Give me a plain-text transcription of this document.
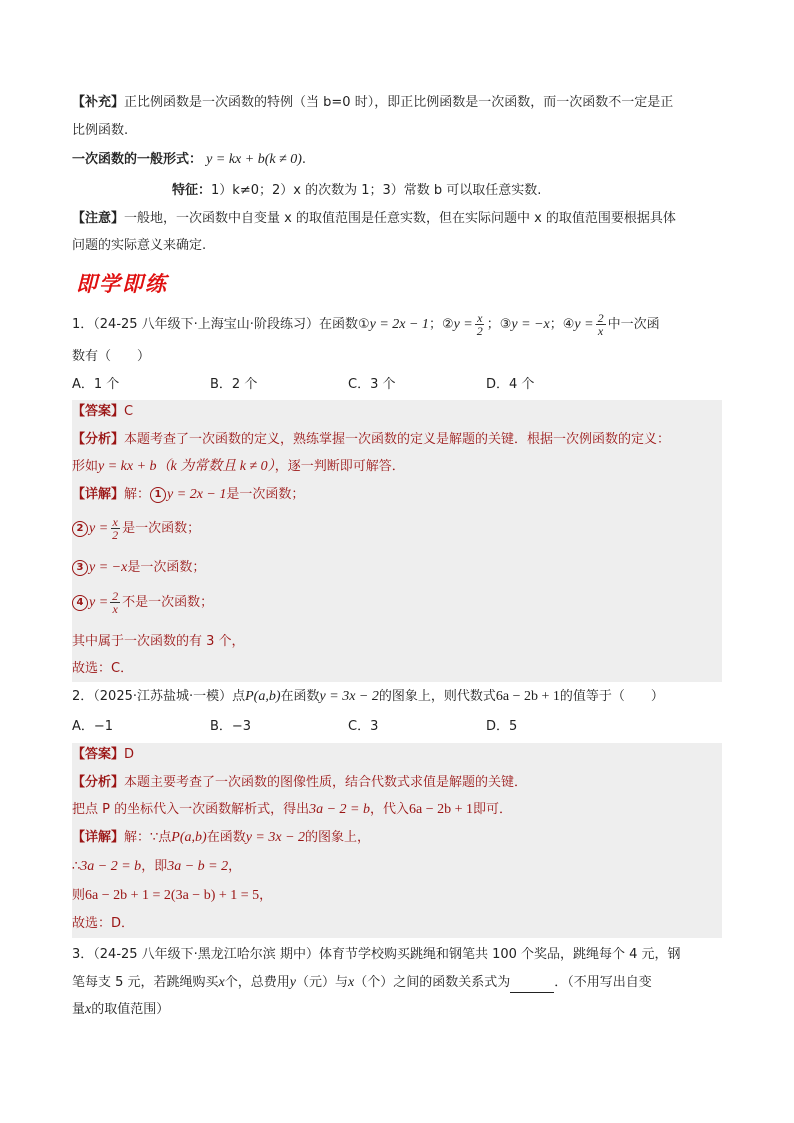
【补充】正比例函数是一次函数的特例（当 b=0 时），即正比例函数是一次函数，而一次函数不一定是正
比例函数.
一次函数的一般形式： y = kx + b(k ≠ 0).
特征：1）k≠0；2）x 的次数为 1；3）常数 b 可以取任意实数.
【注意】一般地，一次函数中自变量 x 的取值范围是任意实数，但在实际问题中 x 的取值范围要根据具体
问题的实际意义来确定.
即学即练
1．（24-25 八年级下·上海宝山·阶段练习）在函数①y = 2x − 1；②y = $\frac{x}{2}$ ；③y = −x；④y = $\frac{2}{x}$ 中一次函
数有（　　）
A．1 个	B．2 个	C．3 个	D．4 个
【答案】C
【分析】本题考查了一次函数的定义，熟练掌握一次函数的定义是解题的关键．根据一次例函数的定义：
形如y = kx + b（k 为常数且 k ≠ 0），逐一判断即可解答．
【详解】解： 1 y = 2x − 1是一次函数；
2 $y = \frac{x}{2}$ 是一次函数；
3 y = −x是一次函数；
4 $y = \frac{2}{x}$ 不是一次函数；
其中属于一次函数的有 3 个，
故选：C．
2．（2025·江苏盐城·一模）点P(a,b)在函数y = 3x − 2的图象上，则代数式6a − 2b + 1的值等于（　　）
A．−1	B．−3	C．3	D．5
【答案】D
【分析】本题主要考查了一次函数的图像性质，结合代数式求值是解题的关键．
把点 P 的坐标代入一次函数解析式，得出3a − 2 = b，代入6a − 2b + 1即可．
【详解】解：∵点P(a,b)在函数y = 3x − 2的图象上，
∴3a − 2 = b，即3a − b = 2，
则6a − 2b + 1 = 2(3a − b) + 1 = 5，
故选：D．
3．（24-25 八年级下·黑龙江哈尔滨 期中）体育节学校购买跳绳和钢笔共 100 个奖品，跳绳每个 4 元，钢
笔每支 5 元，若跳绳购买x个，总费用y（元）与x（个）之间的函数关系式为	．（不用写出自变
量x的取值范围）
